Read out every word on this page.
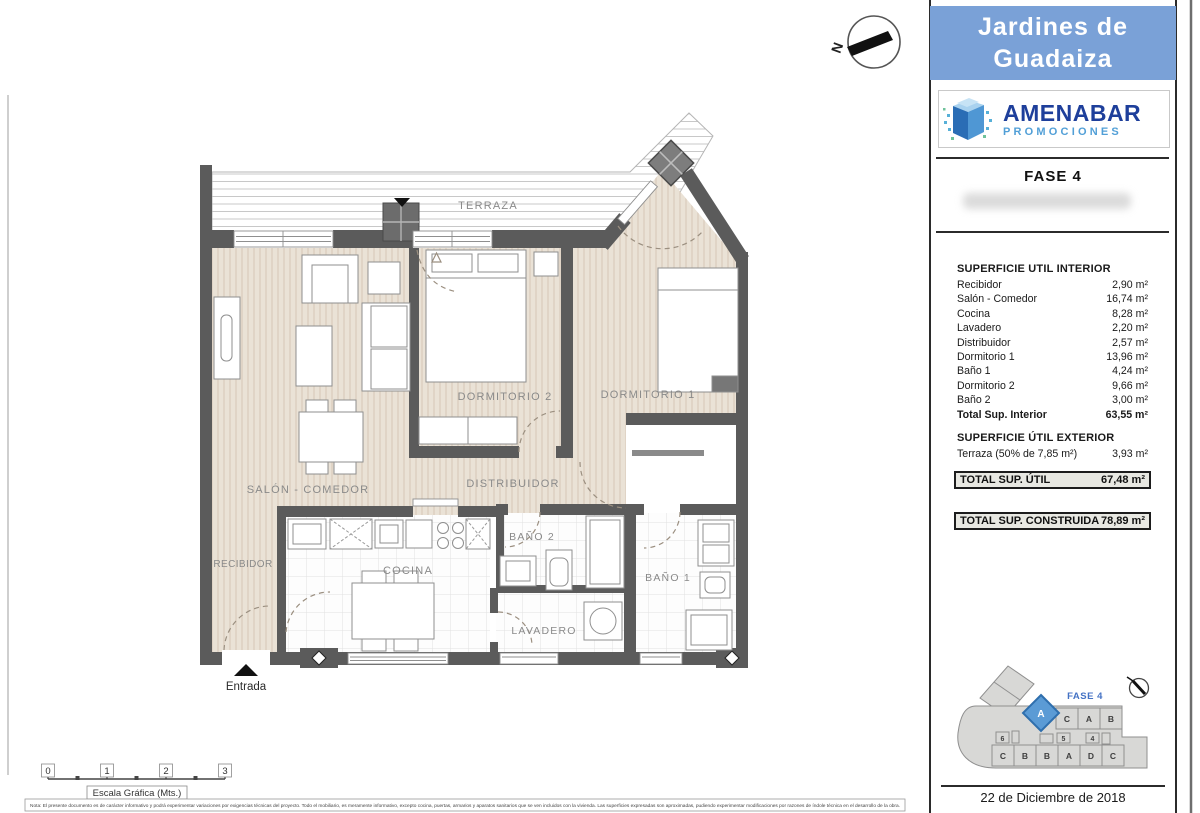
TERRAZA
DORMITORIO 2	DORMITORIO 1
DISTRIBUIDOR
SALÓN - COMEDOR
RECIBIDOR
COCINA
BAÑO 2
BAÑO 1
LAVADERO
Entrada
N
0	1	2	3
Escala Gráfica (Mts.)
Nota: El presente documento es de carácter informativo y podrá experimentar variaciones por exigencias técnicas del proyecto. Todo el mobiliario, es meramente informativo, excepto cocina, puertas, armarios y aparatos sanitarios que se ven incluidos con la vivienda. Las superficies expresadas son aproximadas, pudiendo experimentar modificaciones por razones de índole técnica en el desarrollo de la obra.
C A B
C B B A D C
6	5	4
A
FASE 4
Jardines de
Guadaiza
AMENABAR
PROMOCIONES
FASE 4
SUPERFICIE UTIL INTERIOR
Recibidor	2,90 m²
Salón - Comedor	16,74 m²
Cocina	8,28 m²
Lavadero	2,20 m²
Distribuidor	2,57 m²
Dormitorio 1	13,96 m²
Baño 1	4,24 m²
Dormitorio 2	9,66 m²
Baño 2	3,00 m²
Total Sup. Interior	63,55 m²
SUPERFICIE ÚTIL EXTERIOR
Terraza (50% de 7,85 m²)	3,93 m²
TOTAL SUP. ÚTIL	67,48 m²
TOTAL SUP. CONSTRUIDA 78,89 m²
22 de Diciembre de 2018
